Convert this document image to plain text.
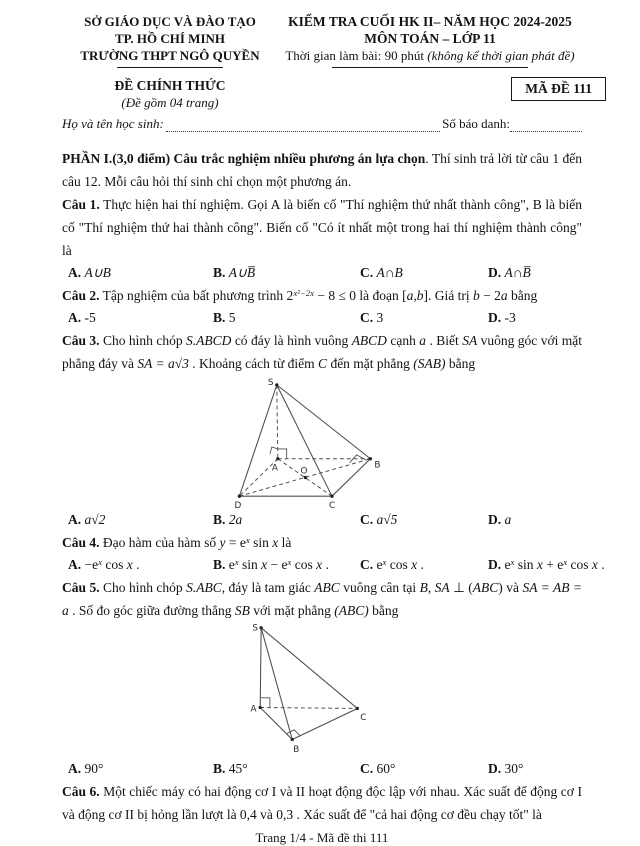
SỞ GIÁO DỤC VÀ ĐÀO TẠO
TP. HỒ CHÍ MINH
TRƯỜNG THPT NGÔ QUYỀN
KIỂM TRA CUỐI HK II– NĂM HỌC 2024-2025
MÔN TOÁN – LỚP 11
Thời gian làm bài: 90 phút (không kể thời gian phát đề)
ĐỀ CHÍNH THỨC
(Đề gồm 04 trang)
MÃ ĐỀ 111
Họ và tên học sinh:	Số báo danh:

PHẦN I.(3,0 điểm) Câu trắc nghiệm nhiều phương án lựa chọn. Thí sinh trả lời từ câu 1 đến câu 12. Mỗi câu hỏi thí sinh chỉ chọn một phương án.

Câu 1. Thực hiện hai thí nghiệm. Gọi A là biến cố "Thí nghiệm thứ nhất thành công", B là biến cố "Thí nghiệm thứ hai thành công". Biến cố "Có ít nhất một trong hai thí nghiệm thành công" là

A. A∪B	B. A∪B̅	C. A∩B	D. A∩B̅

Câu 2. Tập nghiệm của bất phương trình $2^{x^2-2x} - 8 \le 0$ là đoạn [a,b]. Giá trị b − 2a bằng

A. -5	B. 5	C. 3	D. -3

Câu 3. Cho hình chóp S.ABCD có đáy là hình vuông ABCD cạnh a . Biết SA vuông góc với mặt phẳng đáy và SA = a√3 . Khoảng cách từ điểm C đến mặt phẳng (SAB) bằng

S
A	B
C
D
O
A. a√2	B. 2a	C. a√5	D. a

Câu 4. Đạo hàm của hàm số $y = e^x$ sin x là

A. $-e^x$ cos x .	B. $e^x$ $\sin x - e^x$ cos x .	C. $e^x$ cos x .	D. $e^x$ $\sin x + e^x$ cos x .

Câu 5. Cho hình chóp S.ABC, đáy là tam giác ABC vuông cân tại B, SA ⊥ (ABC) và SA = AB = a . Số đo góc giữa đường thẳng SB với mặt phẳng (ABC) bằng

S
A
B
C
A. 90°	B. 45°	C. 60°	D. 30°

Câu 6. Một chiếc máy có hai động cơ I và II hoạt động độc lập với nhau. Xác suất để động cơ I và động cơ II bị hỏng lần lượt là 0,4 và 0,3 . Xác suất để "cả hai động cơ đều chạy tốt" là

Trang 1/4 - Mã đề thi 111
